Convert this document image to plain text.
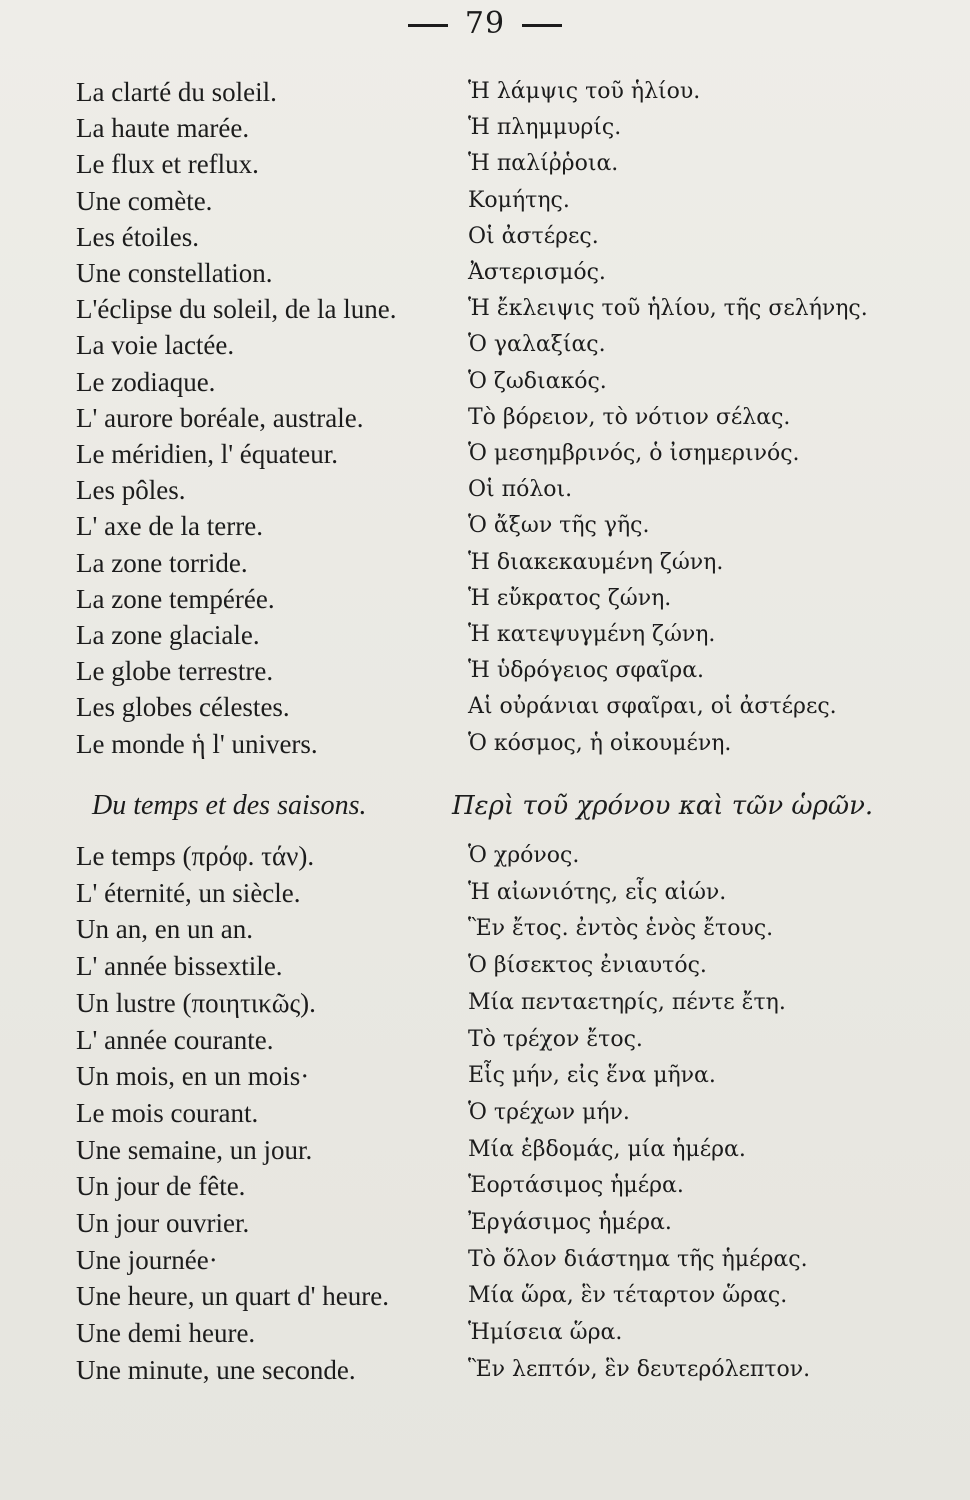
79
La clarté du soleil.	Ἡ λάμψις τοῦ ἡλίου.
La haute marée.	Ἡ πλημμυρίς.
Le flux et reflux.	Ἡ παλίῤῥοια.
Une comète.	Κομήτης.
Les étoiles.	Οἱ ἀστέρες.
Une constellation.	Ἀστερισμός.
L'éclipse du soleil, de la lune.	Ἡ ἔκλειψις τοῦ ἡλίου, τῆς σελήνης.
La voie lactée.	Ὁ γαλαξίας.
Le zodiaque.	Ὁ ζωδιακός.
L' aurore boréale, australe.	Τὸ βόρειον, τὸ νότιον σέλας.
Le méridien, l' équateur.	Ὁ μεσημβρινός, ὁ ἰσημερινός.
Les pôles.	Οἱ πόλοι.
L' axe de la terre.	Ὁ ἄξων τῆς γῆς.
La zone torride.	Ἡ διακεκαυμένη ζώνη.
La zone tempérée.	Ἡ εὔκρατος ζώνη.
La zone glaciale.	Ἡ κατεψυγμένη ζώνη.
Le globe terrestre.	Ἡ ὑδρόγειος σφαῖρα.
Les globes célestes.	Αἱ οὐράνιαι σφαῖραι, οἱ ἀστέρες.
Le monde ἡ l' univers.	Ὁ κόσμος, ἡ οἰκουμένη.
Du temps et des saisons.	Περὶ τοῦ χρόνου καὶ τῶν ὡρῶν.
Le temps (πρόφ. τάν).	Ὁ χρόνος.
L' éternité, un siècle.	Ἡ αἰωνιότης, εἷς αἰών.
Un an, en un an.	Ἓν ἔτος. ἐντὸς ἑνὸς ἔτους.
L' année bissextile.	Ὁ βίσεκτος ἐνιαυτός.
Un lustre (ποιητικῶς).	Μία πενταετηρίς, πέντε ἔτη.
L' année courante.	Τὸ τρέχον ἔτος.
Un mois, en un mois·	Εἷς μήν, εἰς ἕνα μῆνα.
Le mois courant.	Ὁ τρέχων μήν.
Une semaine, un jour.	Μία ἑβδομάς, μία ἡμέρα.
Un jour de fête.	Ἑορτάσιμος ἡμέρα.
Un jour ouvrier.	Ἐργάσιμος ἡμέρα.
Une journée·	Τὸ ὅλον διάστημα τῆς ἡμέρας.
Une heure, un quart d' heure.	Μία ὥρα, ἓν τέταρτον ὥρας.
Une demi heure.	Ἡμίσεια ὥρα.
Une minute, une seconde.	Ἓν λεπτόν, ἓν δευτερόλεπτον.
